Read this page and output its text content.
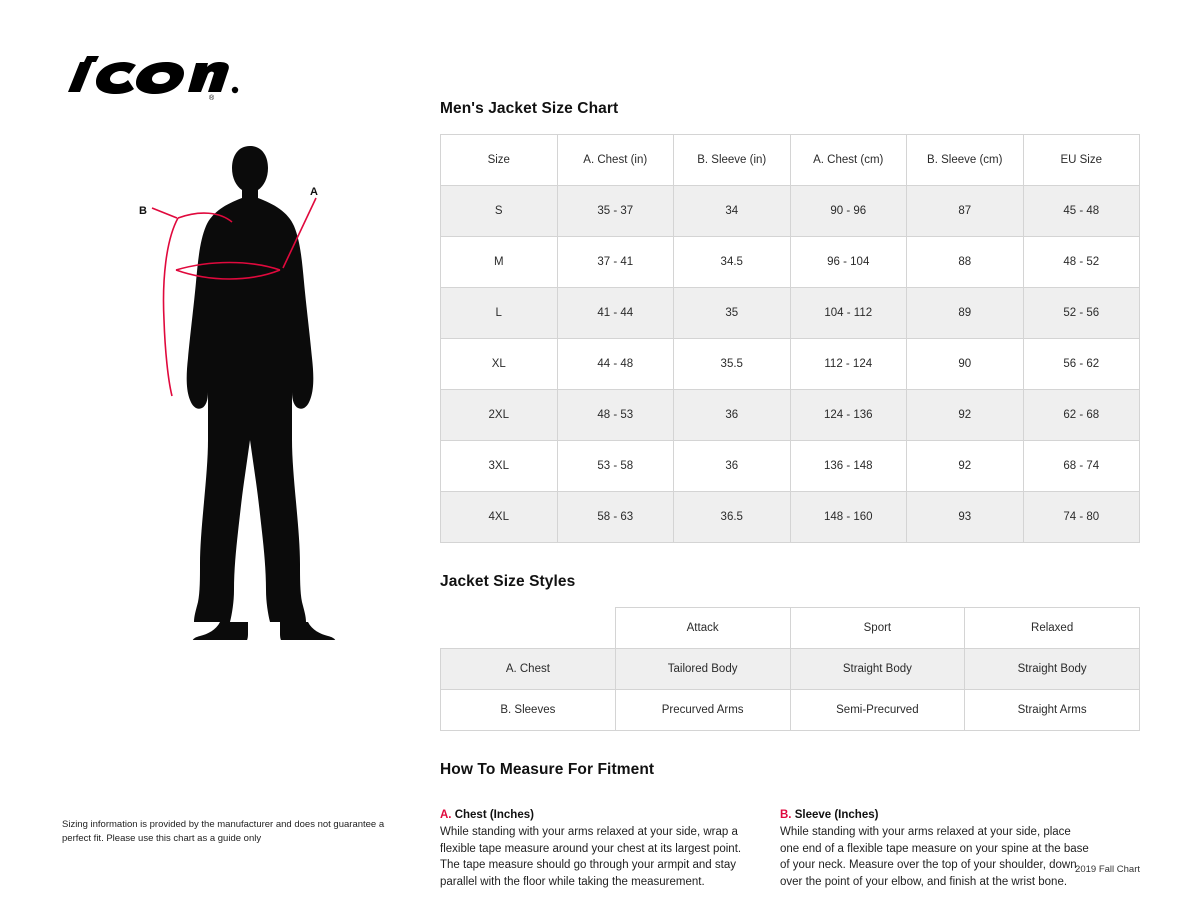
®
A
B
Men's Jacket Size Chart
Size	A. Chest (in)	B. Sleeve (in)	A. Chest (cm)	B. Sleeve (cm)	EU Size
S	35 - 37	34	90 - 96	87	45 - 48
M	37 - 41	34.5	96 - 104	88	48 - 52
L	41 - 44	35	104 - 112	89	52 - 56
XL	44 - 48	35.5	112 - 124	90	56 - 62
2XL	48 - 53	36	124 - 136	92	62 - 68
3XL	53 - 58	36	136 - 148	92	68 - 74
4XL	58 - 63	36.5	148 - 160	93	74 - 80
Jacket Size Styles
	Attack	Sport	Relaxed
A. Chest	Tailored Body	Straight Body	Straight Body
B. Sleeves	Precurved Arms	Semi-Precurved	Straight Arms
How To Measure For Fitment
A. Chest (Inches)
While standing with your arms relaxed at your side, wrap a flexible tape measure around your chest at its largest point. The tape measure should go through your armpit and stay parallel with the floor while taking the measurement.
B. Sleeve (Inches)
While standing with your arms relaxed at your side, place one end of a flexible tape measure on your spine at the base of your neck. Measure over the top of your shoulder, down over the point of your elbow, and finish at the wrist bone.
Sizing information is provided by the manufacturer and does not guarantee a perfect fit. Please use this chart as a guide only
2019 Fall Chart
